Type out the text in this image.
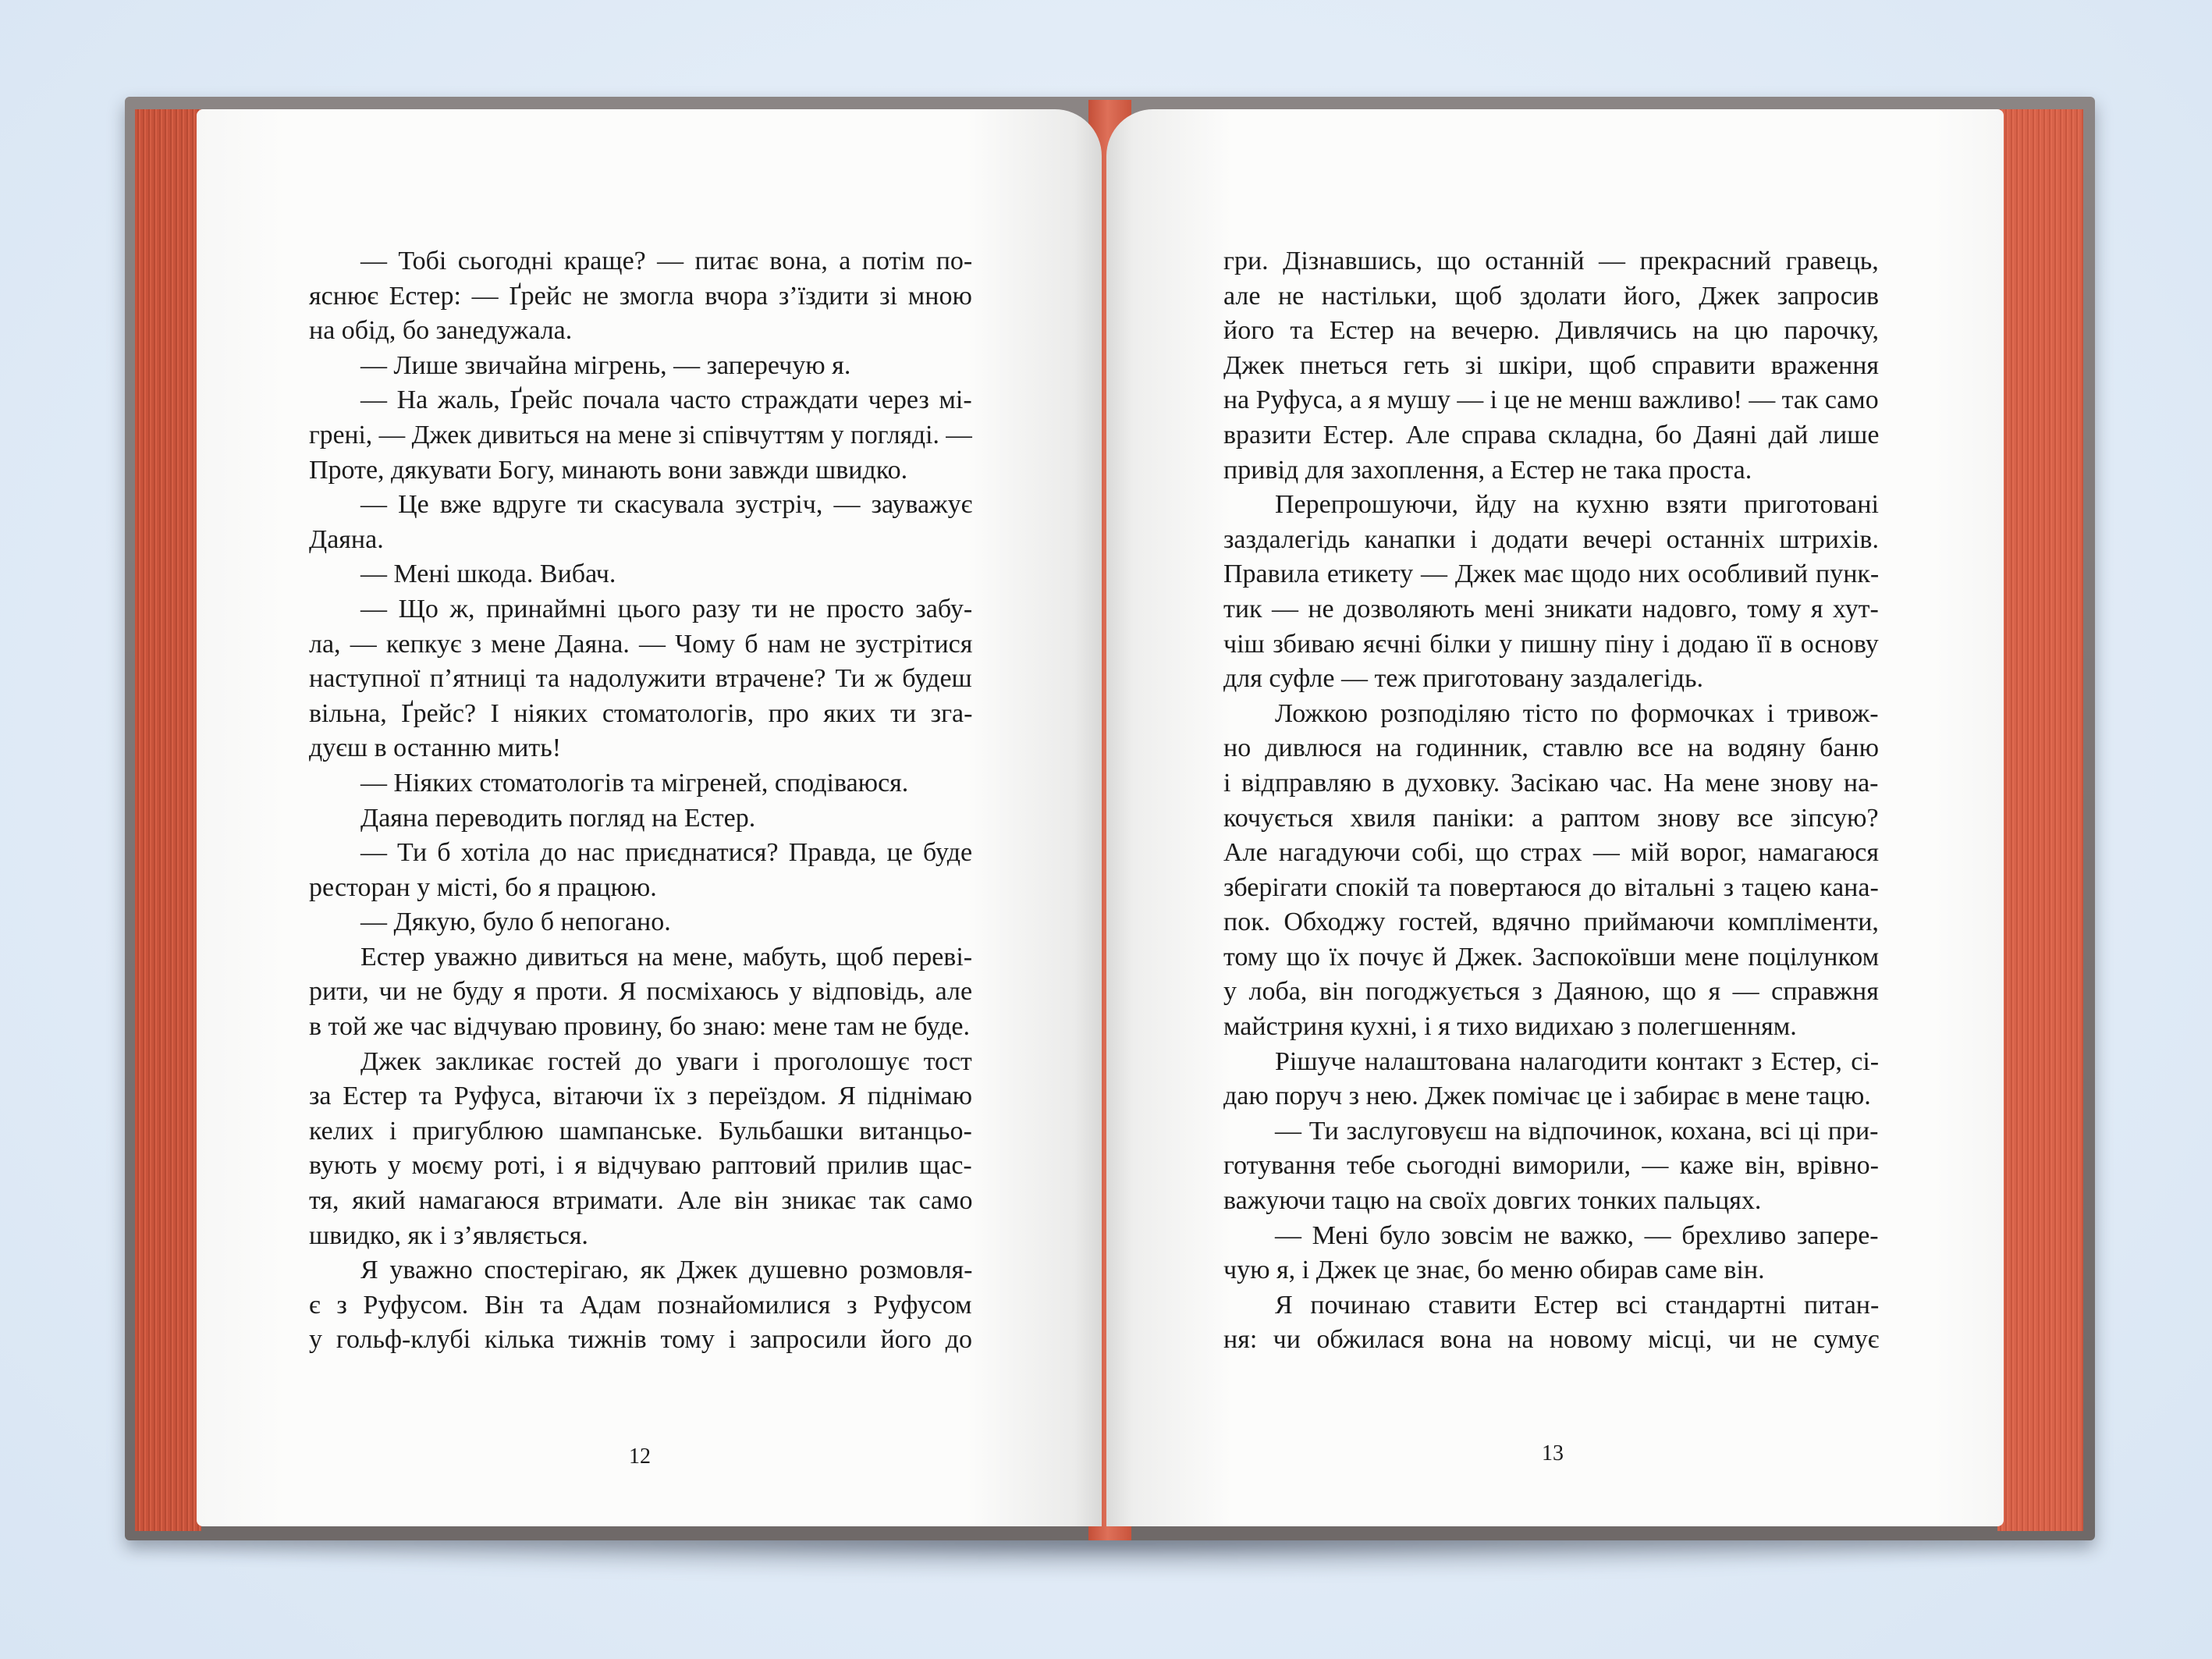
— Тобі сьогодні краще? — питає вона, а потім по-
яснює Естер: — Ґрейс не змогла вчора з’їздити зі мною
на обід, бо занедужала.
— Лише звичайна мігрень, — заперечую я.
— На жаль, Ґрейс почала часто страждати через мі-
грені, — Джек дивиться на мене зі співчуттям у погляді. —
Проте, дякувати Богу, минають вони завжди швидко.
— Це вже вдруге ти скасувала зустріч, — зауважує
Даяна.
— Мені шкода. Вибач.
— Що ж, принаймні цього разу ти не просто забу-
ла, — кепкує з мене Даяна. — Чому б нам не зустрітися
наступної п’ятниці та надолужити втрачене? Ти ж будеш
вільна, Ґрейс? І ніяких стоматологів, про яких ти зга-
дуєш в останню мить!
— Ніяких стоматологів та мігреней, сподіваюся.
Даяна переводить погляд на Естер.
— Ти б хотіла до нас приєднатися? Правда, це буде
ресторан у місті, бо я працюю.
— Дякую, було б непогано.
Естер уважно дивиться на мене, мабуть, щоб переві-
рити, чи не буду я проти. Я посміхаюсь у відповідь, але
в той же час відчуваю провину, бо знаю: мене там не буде.
Джек закликає гостей до уваги і проголошує тост
за Естер та Руфуса, вітаючи їх з переїздом. Я піднімаю
келих і пригублюю шампанське. Бульбашки витанцьо-
вують у моєму роті, і я відчуваю раптовий прилив щас-
тя, який намагаюся втримати. Але він зникає так само
швидко, як і з’являється.
Я уважно спостерігаю, як Джек душевно розмовля-
є з Руфусом. Він та Адам познайомилися з Руфусом
у гольф-клубі кілька тижнів тому і запросили його до
гри. Дізнавшись, що останній — прекрасний гравець,
але не настільки, щоб здолати його, Джек запросив
його та Естер на вечерю. Дивлячись на цю парочку,
Джек пнеться геть зі шкіри, щоб справити враження
на Руфуса, а я мушу — і це не менш важливо! — так само
вразити Естер. Але справа складна, бо Даяні дай лише
привід для захоплення, а Естер не така проста.
Перепрошуючи, йду на кухню взяти приготовані
заздалегідь канапки і додати вечері останніх штрихів.
Правила етикету — Джек має щодо них особливий пунк-
тик — не дозволяють мені зникати надовго, тому я хут-
чіш збиваю яєчні білки у пишну піну і додаю її в основу
для суфле — теж приготовану заздалегідь.
Ложкою розподіляю тісто по формочках і тривож-
но дивлюся на годинник, ставлю все на водяну баню
і відправляю в духовку. Засікаю час. На мене знову на-
кочується хвиля паніки: а раптом знову все зіпсую?
Але нагадуючи собі, що страх — мій ворог, намагаюся
зберігати спокій та повертаюся до вітальні з тацею кана-
пок. Обходжу гостей, вдячно приймаючи компліменти,
тому що їх почує й Джек. Заспокоївши мене поцілунком
у лоба, він погоджується з Даяною, що я — справжня
майстриня кухні, і я тихо видихаю з полегшенням.
Рішуче налаштована налагодити контакт з Естер, сі-
даю поруч з нею. Джек помічає це і забирає в мене тацю.
— Ти заслуговуєш на відпочинок, кохана, всі ці при-
готування тебе сьогодні виморили, — каже він, врівно-
важуючи тацю на своїх довгих тонких пальцях.
— Мені було зовсім не важко, — брехливо запере-
чую я, і Джек це знає, бо меню обирав саме він.
Я починаю ставити Естер всі стандартні питан-
ня: чи обжилася вона на новому місці, чи не сумує
12	13
